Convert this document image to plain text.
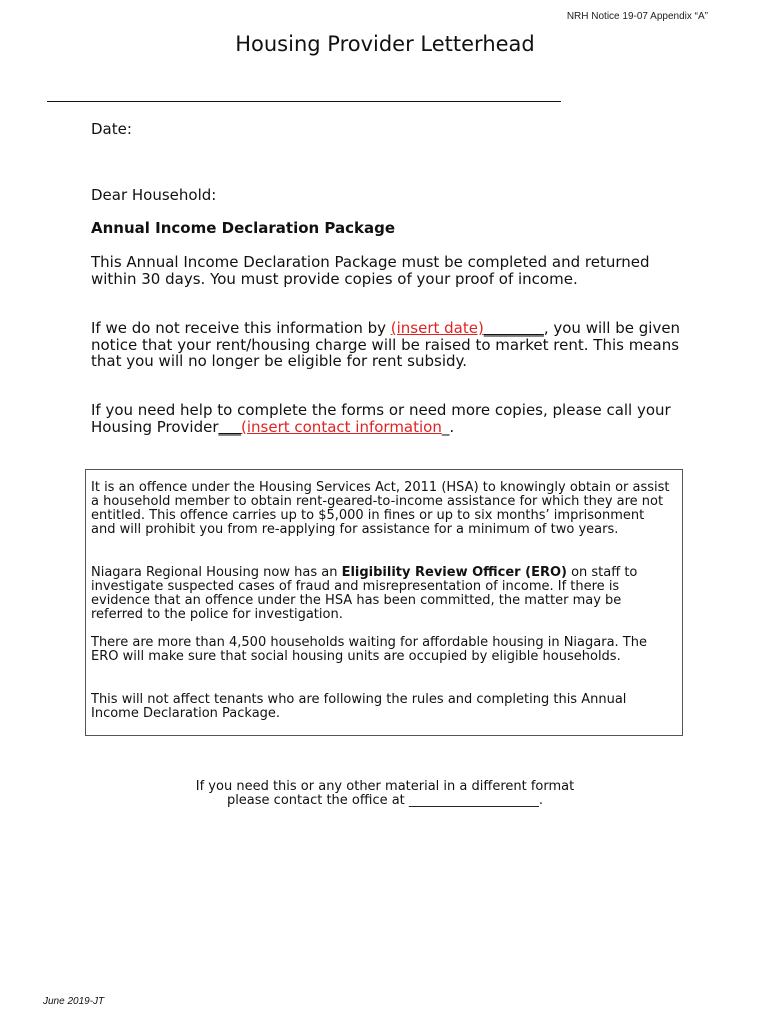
NRH Notice 19-07 Appendix “A”
Housing Provider Letterhead

Date:

Dear Household:

Annual Income Declaration Package

This Annual Income Declaration Package must be completed and returned within 30 days. You must provide copies of your proof of income.

If we do not receive this information by (insert date)________, you will be given notice that your rent/housing charge will be raised to market rent. This means that you will no longer be eligible for rent subsidy.

If you need help to complete the forms or need more copies, please call your Housing Provider___(insert contact information_.

It is an offence under the Housing Services Act, 2011 (HSA) to knowingly obtain or assist a household member to obtain rent-geared-to-income assistance for which they are not entitled. This offence carries up to $5,000 in fines or up to six months’ imprisonment and will prohibit you from re-applying for assistance for a minimum of two years.

Niagara Regional Housing now has an Eligibility Review Officer (ERO) on staff to investigate suspected cases of fraud and misrepresentation of income. If there is evidence that an offence under the HSA has been committed, the matter may be referred to the police for investigation.

There are more than 4,500 households waiting for affordable housing in Niagara. The ERO will make sure that social housing units are occupied by eligible households.

This will not affect tenants who are following the rules and completing this Annual Income Declaration Package.

If you need this or any other material in a different format
please contact the office at ____________________.
June 2019-JT
